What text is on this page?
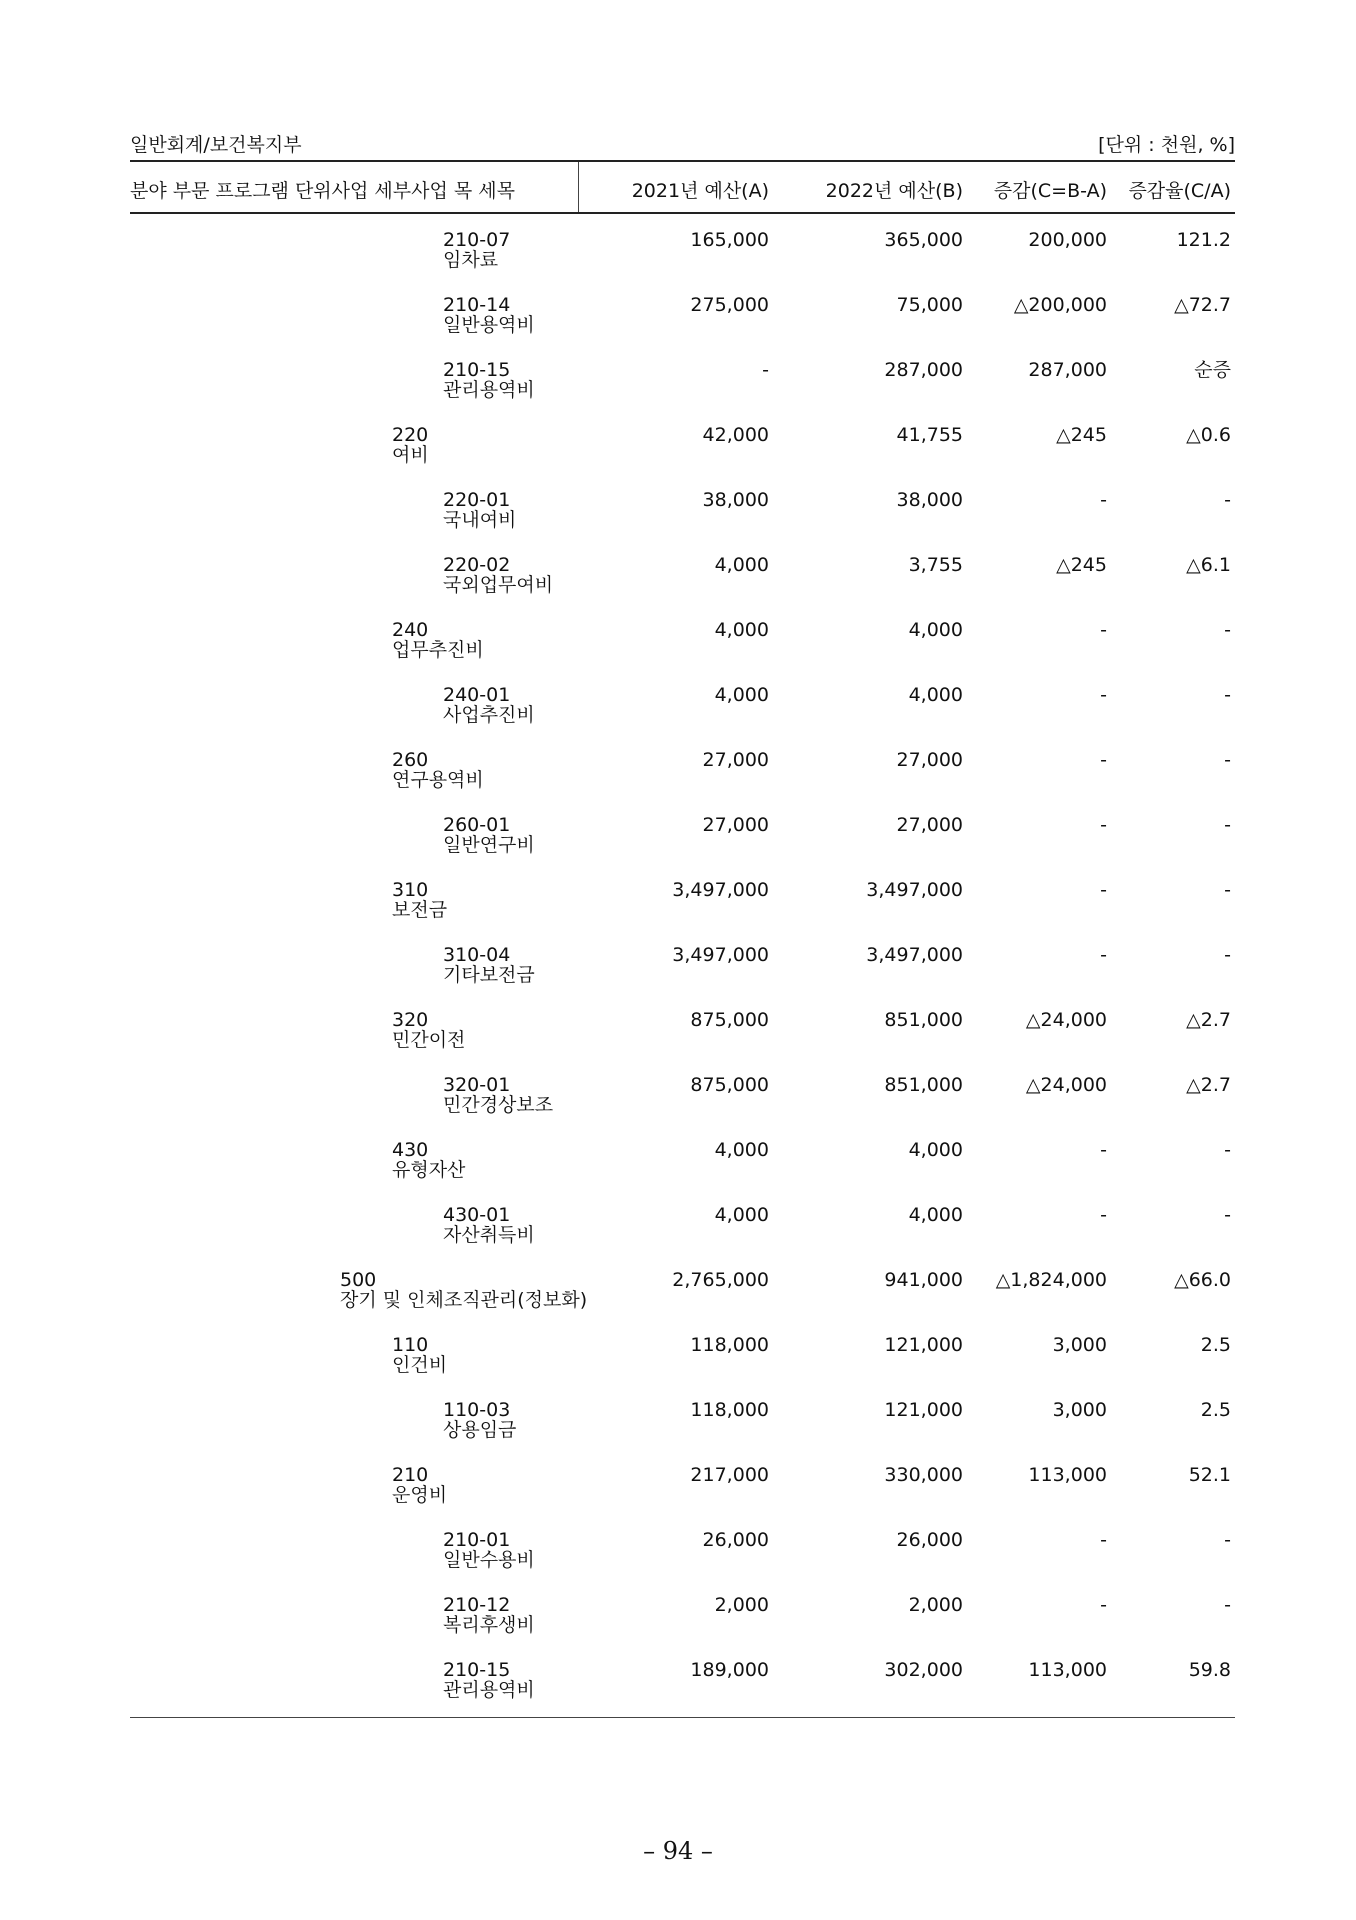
일반회계/보건복지부	[단위 : 천원, %]
분야 부문 프로그램 단위사업 세부사업 목 세목	2021년 예산(A)	2022년 예산(B) 증감(C=B-A) 증감율(C/A)
210-07
임차료
165,000	365,000	200,000	121.2
210-14
일반용역비
275,000	75,000	△200,000	△72.7
210-15
관리용역비
-	287,000	287,000	순증
220
여비
42,000	41,755	△245	△0.6
220-01
국내여비
38,000	38,000	-	-
220-02
국외업무여비
4,000	3,755	△245	△6.1
240
업무추진비
4,000	4,000	-	-
240-01
사업추진비
4,000	4,000	-	-
260
연구용역비
27,000	27,000	-	-
260-01
일반연구비
27,000	27,000	-	-
310
보전금
3,497,000	3,497,000	-	-
310-04
기타보전금
3,497,000	3,497,000	-	-
320
민간이전
875,000	851,000	△24,000	△2.7
320-01
민간경상보조
875,000	851,000	△24,000	△2.7
430
유형자산
4,000	4,000	-	-
430-01
자산취득비
4,000	4,000	-	-
500
장기 및 인체조직관리(정보화)
2,765,000	941,000 △1,824,000	△66.0
110
인건비
118,000	121,000	3,000	2.5
110-03
상용임금
118,000	121,000	3,000	2.5
210
운영비
217,000	330,000	113,000	52.1
210-01
일반수용비
26,000	26,000	-	-
210-12
복리후생비
2,000	2,000	-	-
210-15
관리용역비
189,000	302,000	113,000	59.8
– 94 –
